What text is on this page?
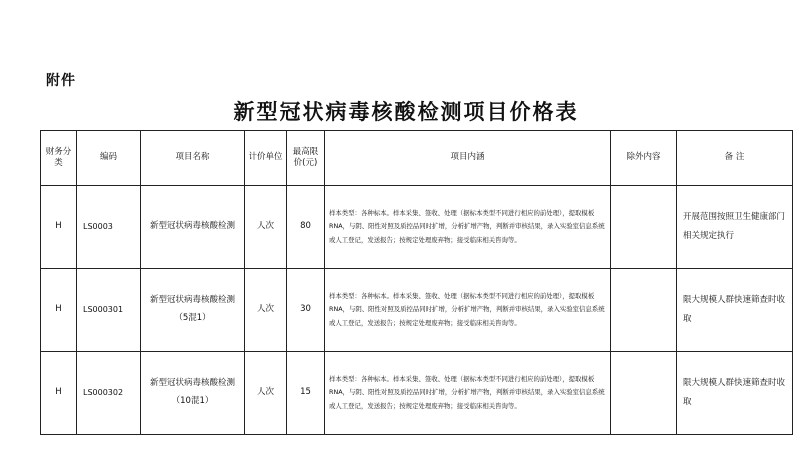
附件
新型冠状病毒核酸检测项目价格表
财务分类	编码	项目名称	计价单位	最高限价(元)	项目内涵	除外内容	备 注
H	LS0003	新型冠状病毒核酸检测	人次	80	样本类型：各种标本。样本采集、签收、处理（据标本类型不同进行相应的前处理），提取模板 RNA，与阴、阳性对照及质控品同时扩增，分析扩增产物，判断并审核结果，录入实验室信息系统或人工登记，发送报告；按规定处理废弃物；接受临床相关咨询等。		开展范围按照卫生健康部门相关规定执行
H	LS000301	新型冠状病毒核酸检测（5混1）	人次	30	样本类型：各种标本。样本采集、签收、处理（据标本类型不同进行相应的前处理），提取模板 RNA，与阴、阳性对照及质控品同时扩增，分析扩增产物，判断并审核结果，录入实验室信息系统或人工登记，发送报告；按规定处理废弃物；接受临床相关咨询等。		限大规模人群快速筛查时收取
H	LS000302	新型冠状病毒核酸检测（10混1）	人次	15	样本类型：各种标本。样本采集、签收、处理（据标本类型不同进行相应的前处理），提取模板 RNA，与阴、阳性对照及质控品同时扩增，分析扩增产物，判断并审核结果，录入实验室信息系统或人工登记，发送报告；按规定处理废弃物；接受临床相关咨询等。		限大规模人群快速筛查时收取
